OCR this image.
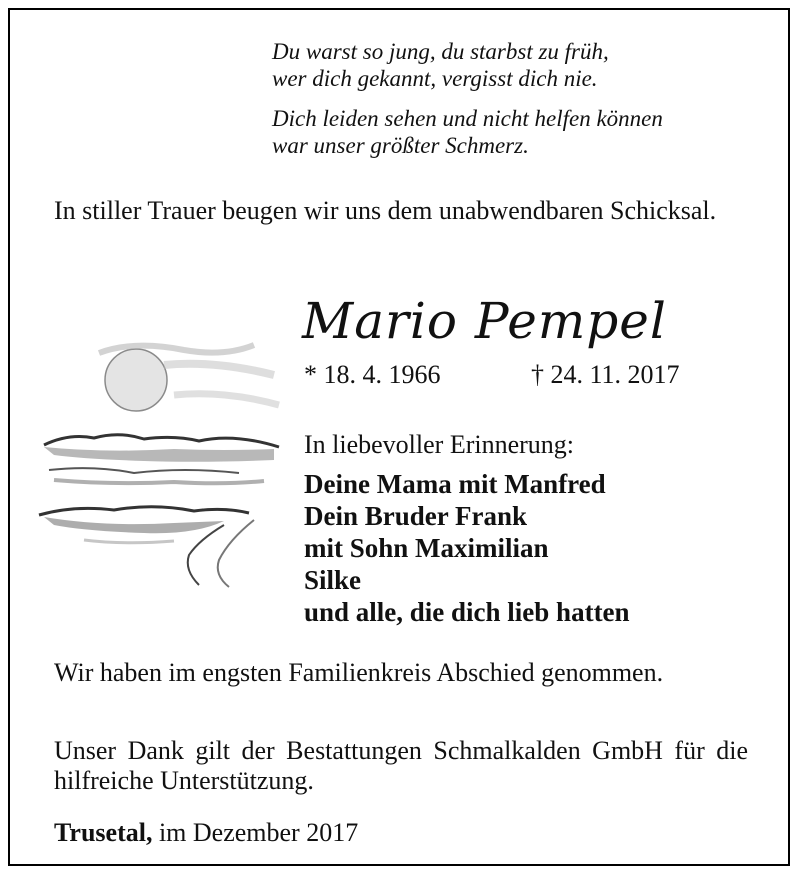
Du warst so jung, du starbst zu früh,
wer dich gekannt, vergisst dich nie.

Dich leiden sehen und nicht helfen können
war unser größter Schmerz.

In stiller Trauer beugen wir uns dem unabwendbaren Schicksal.
Mario Pempel
* 18. 4. 1966	† 24. 11. 2017
In liebevoller Erinnerung:
Deine Mama mit Manfred
Dein Bruder Frank
mit Sohn Maximilian
Silke
und alle, die dich lieb hatten
Wir haben im engsten Familienkreis Abschied genommen.
Unser Dank gilt der Bestattungen Schmalkalden GmbH für die hilfreiche Unterstützung.
Trusetal, im Dezember 2017
